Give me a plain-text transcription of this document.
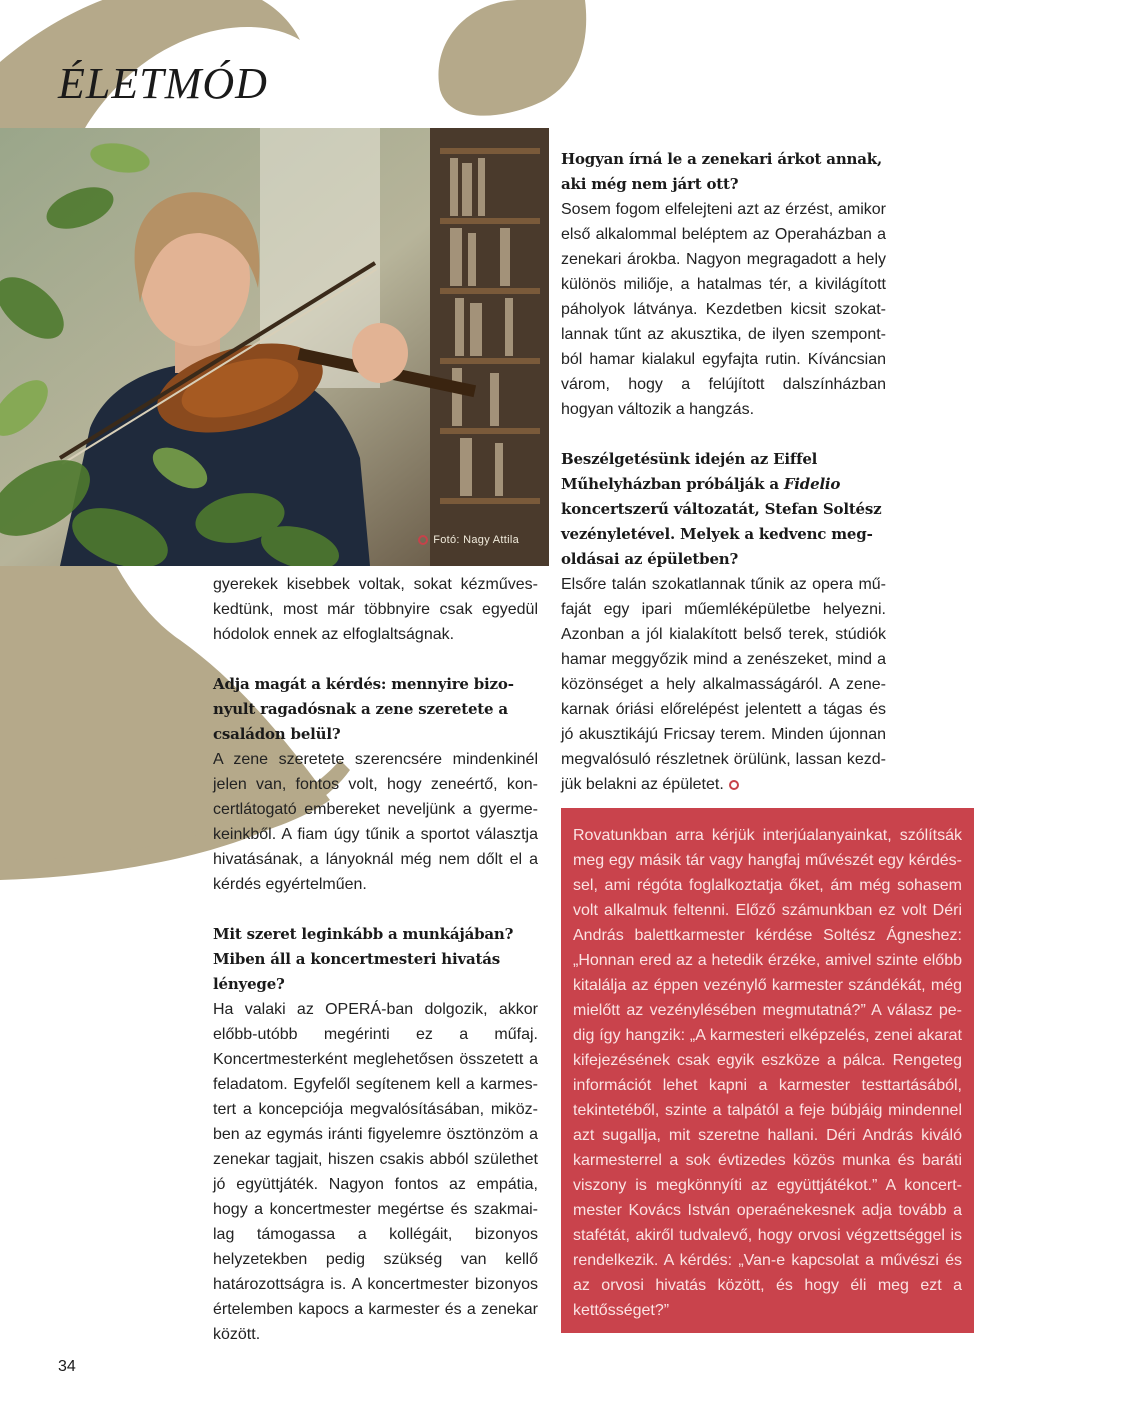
ÉLETMÓD
Fotó: Nagy Attila

gyerekek kisebbek voltak, sokat kézműveskedtünk, most már többnyire csak egyedül hódolok ennek az elfoglaltságnak.

Adja magát a kérdés: mennyire bizonyult ragadósnak a zene szeretete a családon belül?

A zene szeretete szerencsére mindenkinél jelen van, fontos volt, hogy zeneértő, koncertlátogató embereket neveljünk a gyermekeinkből. A fiam úgy tűnik a sportot választja hivatásának, a lányoknál még nem dőlt el a kérdés egyértelműen.

Mit szeret leginkább a munkájában? Miben áll a koncertmesteri hivatás lényege?

Ha valaki az OPERÁ-ban dolgozik, akkor előbb-utóbb megérinti ez a műfaj. Koncertmesterként meglehetősen összetett a feladatom. Egyfelől segítenem kell a karmestert a koncepciója megvalósításában, miközben az egymás iránti figyelemre ösztönzöm a zenekar tagjait, hiszen csakis abból születhet jó együttjáték. Nagyon fontos az empátia, hogy a koncertmester megértse és szakmailag támogassa a kollégáit, bizonyos helyzetekben pedig szükség van kellő határozottságra is. A koncertmester bizonyos értelemben kapocs a karmester és a zenekar között.

Hogyan írná le a zenekari árkot annak, aki még nem járt ott?

Sosem fogom elfelejteni azt az érzést, amikor első alkalommal beléptem az Operaházban a zenekari árokba. Nagyon megragadott a hely különös miliője, a hatalmas tér, a kivilágított páholyok látványa. Kezdetben kicsit szokatlannak tűnt az akusztika, de ilyen szempontból hamar kialakul egyfajta rutin. Kíváncsian várom, hogy a felújított dalszínházban hogyan változik a hangzás.

Beszélgetésünk idején az Eiffel Műhelyházban próbálják a Fidelio koncertszerű változatát, Stefan Soltész vezényletével. Melyek a kedvenc megoldásai az épületben?

Elsőre talán szokatlannak tűnik az opera műfaját egy ipari műemléképületbe helyezni. Azonban a jól kialakított belső terek, stúdiók hamar meggyőzik mind a zenészeket, mind a közönséget a hely alkalmasságáról. A zenekarnak óriási előrelépést jelentett a tágas és jó akusztikájú Fricsay terem. Minden újonnan megvalósuló részletnek örülünk, lassan kezdjük belakni az épületet.

Rovatunkban arra kérjük interjúalanyainkat, szólítsák meg egy másik tár vagy hangfaj művészét egy kérdéssel, ami régóta foglalkoztatja őket, ám még sohasem volt alkalmuk feltenni. Előző számunkban ez volt Déri András balettkarmester kérdése Soltész Ágneshez: „Honnan ered az a hetedik érzéke, amivel szinte előbb kitalálja az éppen vezénylő karmester szándékát, még mielőtt az vezénylésében megmutatná?” A válasz pedig így hangzik: „A karmesteri elképzelés, zenei akarat kifejezésének csak egyik eszköze a pálca. Rengeteg információt lehet kapni a karmester testtartásából, tekintetéből, szinte a talpától a feje búbjáig mindennel azt sugallja, mit szeretne hallani. Déri András kiváló karmesterrel a sok évtizedes közös munka és baráti viszony is megkönnyíti az együttjátékot.” A koncertmester Kovács István operaénekesnek adja tovább a stafétát, akiről tudvalevő, hogy orvosi végzettséggel is rendelkezik. A kérdés: „Van-e kapcsolat a művészi és az orvosi hivatás között, és hogy éli meg ezt a kettősséget?”

34
